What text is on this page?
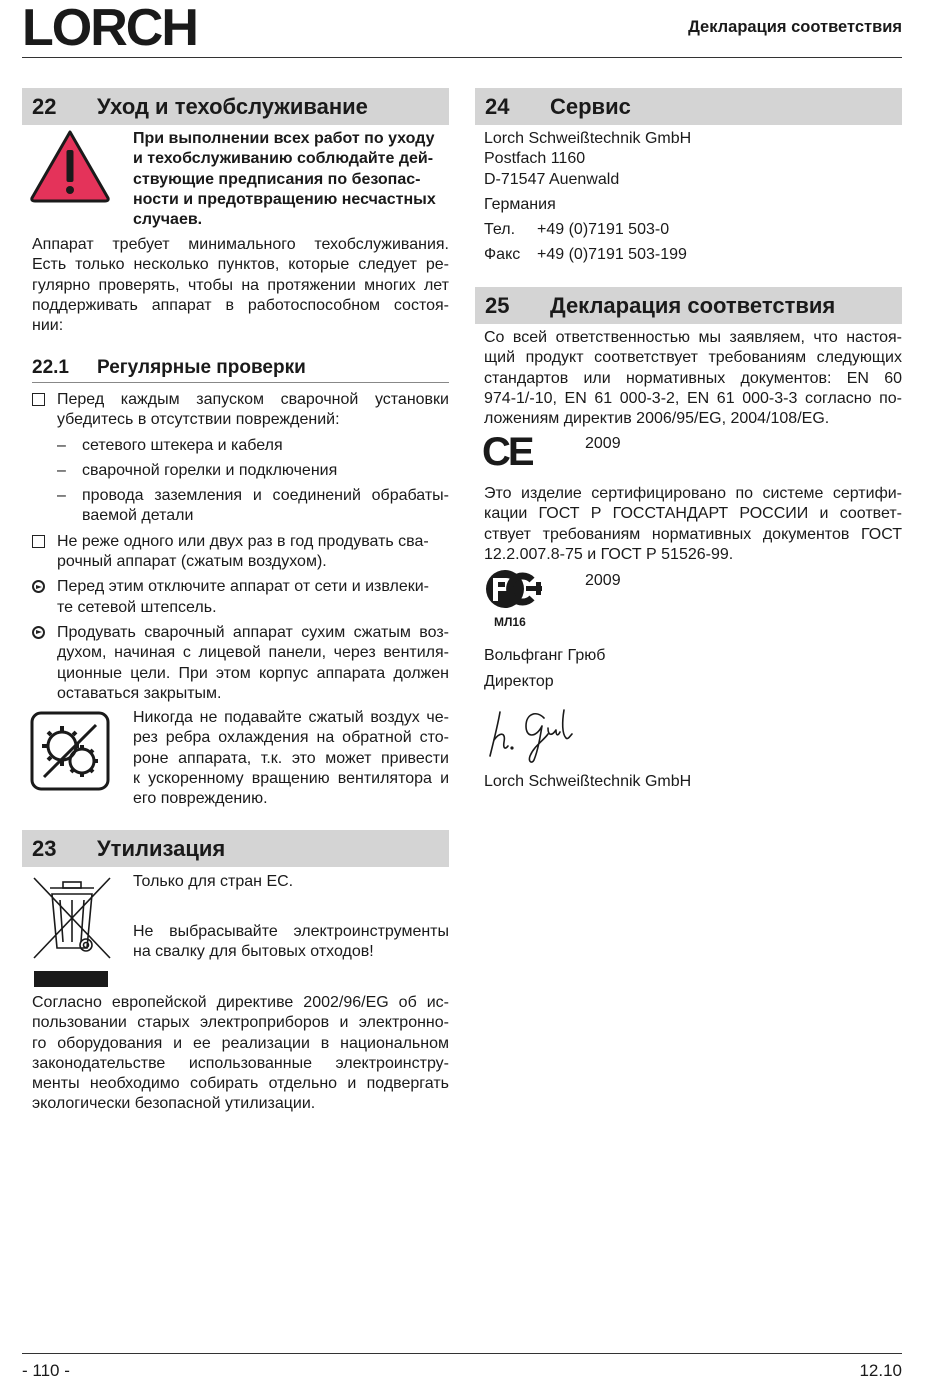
LORCH	Декларация соответствия
22	Уход и техобслуживание
При выполнении всех работ по уходу
и техобслуживанию соблюдайте дей-
ствующие предписания по безопас-
ности и предотвращению несчастных
случаев.
Аппарат требует минимального техобслуживания.
Есть только несколько пунктов, которые следует ре-
гулярно проверять, чтобы на протяжении многих лет
поддерживать аппарат в работоспособном состоя-
нии:
22.1 Регулярные проверки
Перед каждым запуском сварочной установки
убедитесь в отсутствии повреждений:
– сетевого штекера и кабеля
– сварочной горелки и подключения
– провода заземления и соединений обрабаты-
ваемой детали
Не реже одного или двух раз в год продувать сва-
рочный аппарат (сжатым воздухом).
Перед этим отключите аппарат от сети и извлеки-
те сетевой штепсель.
Продувать сварочный аппарат сухим сжатым воз-
духом, начиная с лицевой панели, через вентиля-
ционные цели. При этом корпус аппарата должен
оставаться закрытым.
Никогда не подавайте сжатый воздух че-
рез ребра охлаждения на обратной сто-
роне аппарата, т.к. это может привести
к ускоренному вращению вентилятора и
его повреждению.
23	Утилизация
Только для стран ЕС.
Не выбрасывайте электроинструменты
на свалку для бытовых отходов!
Согласно европейской директиве 2002/96/EG об ис-
пользовании старых электроприборов и электронно-
го оборудования и ее реализации в национальном
законодательстве использованные электроинстру-
менты необходимо собирать отдельно и подвергать
экологически безопасной утилизации.
24	Сервис
Lorch Schweißtechnik GmbH
Postfach 1160
D-71547 Auenwald
Германия
Тел. +49 (0)7191 503-0
Факс +49 (0)7191 503-199
25	Декларация соответствия
Со всей ответственностью мы заявляем, что настоя-
щий продукт соответствует требованиям следующих
стандартов или нормативных документов: EN 60
974-1/-10, EN 61 000-3-2, EN 61 000-3-3 согласно по-
ложениям директив 2006/95/EG, 2004/108/EG.
CE	2009
Это изделие сертифицировано по системе сертифи-
кации ГОСТ Р ГОССТАНДАРТ РОССИИ и соответ-
ствует требованиям нормативных документов ГОСТ
12.2.007.8-75 и ГОСТ Р 51526-99.
МЛ16
2009
Вольфганг Грюб
Директор
Lorch Schweißtechnik GmbH
- 110 -	12.10
